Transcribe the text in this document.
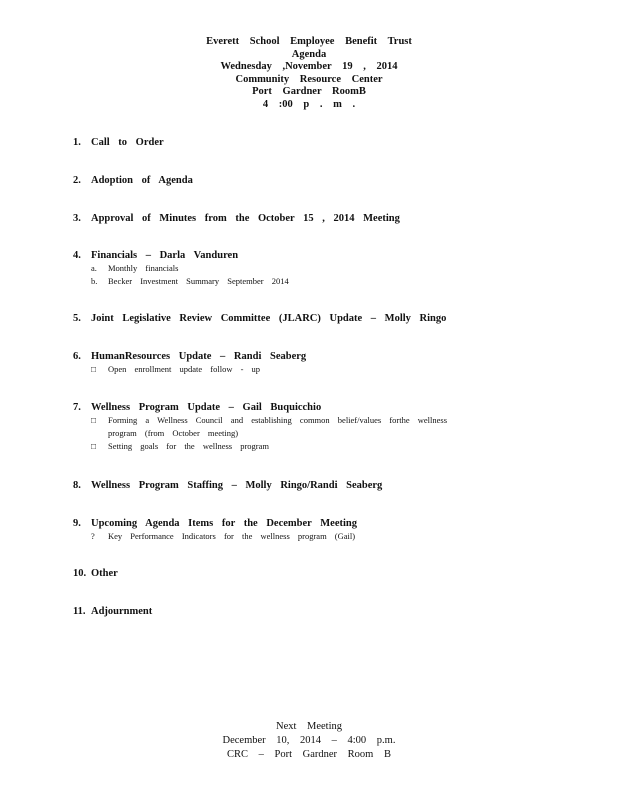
Everett School Employee Benefit Trust
Agenda
Wednesday ,November 19 , 2014
Community Resource Center
Port Gardner RoomB
4 :00 p . m .
1. Call to Order
2. Adoption of Agenda
3. Approval of Minutes from the October 15 , 2014 Meeting
4. Financials – Darla Vanduren
a. Monthly financials
b. Becker Investment Summary September 2014
5. Joint Legislative Review Committee (JLARC) Update – Molly Ringo
6. HumanResources Update – Randi Seaberg
□ Open enrollment update follow - up
7. Wellness Program Update – Gail Buquicchio
□ Forming a Wellness Council and establishing common belief/values forthe wellness
program (from October meeting)
□ Setting goals for the wellness program
8. Wellness Program Staffing – Molly Ringo/Randi Seaberg
9. Upcoming Agenda Items for the December Meeting
? Key Performance Indicators for the wellness program (Gail)
10. Other
11. Adjournment
Next Meeting
December 10, 2014 – 4:00 p.m.
CRC – Port Gardner Room B
